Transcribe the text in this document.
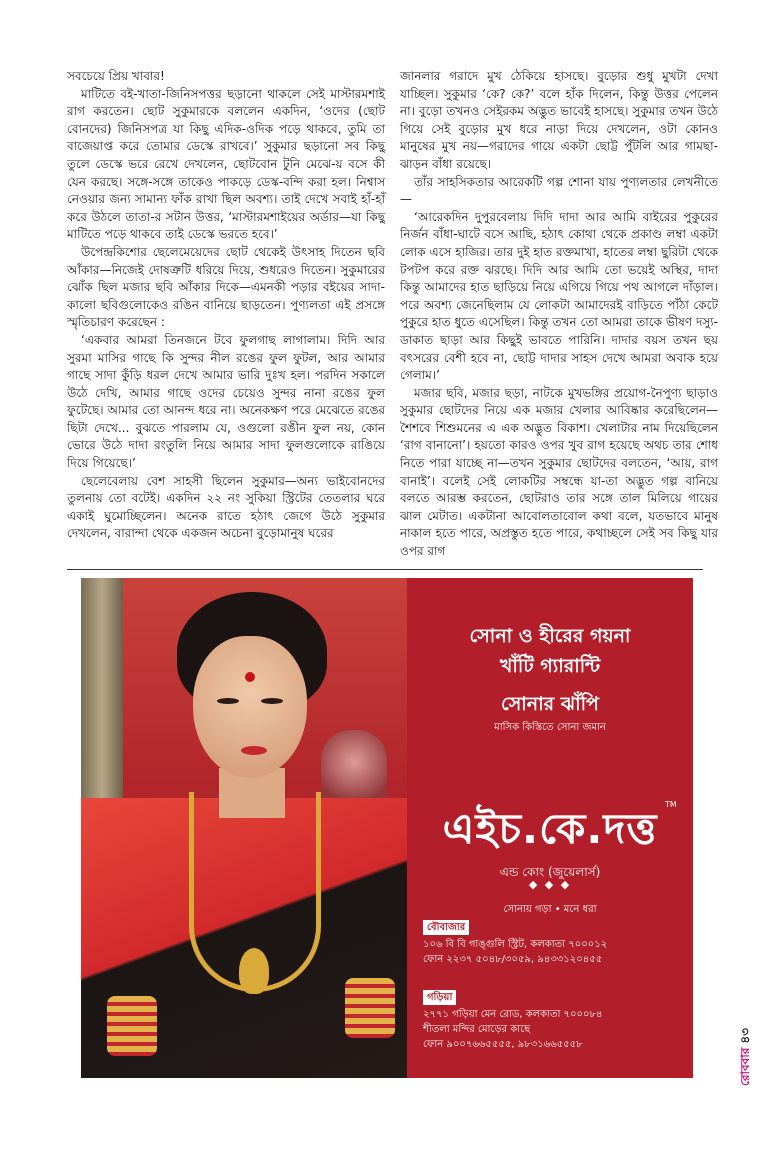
সবচেয়ে প্রিয় খাবার!

মাটিতে বই-খাতা-জিনিসপত্তর ছড়ানো থাকলে সেই মাস্টারমশাই রাগ করতেন। ছোট সুকুমারকে বললেন একদিন, ‘ওদের (ছোট বোনদের) জিনিসপত্র যা কিছু এদিক-ওদিক পড়ে থাকবে, তুমি তা বাজেয়াপ্ত করে তোমার ডেস্কে রাখবে।’ সুকুমার ছড়ানো সব কিছু তুলে ডেস্কে ভরে রেখে দেখলেন, ছোটবোন টুনি মেঝে-য় বসে কী যেন করছে। সঙ্গে-সঙ্গে তাকেও পাকড়ে ডেস্ক-বন্দি করা হল। নিশ্বাস নেওয়ার জন্য সামান্য ফাঁক রাখা ছিল অবশ্য। তাই দেখে সবাই হাঁ-হাঁ করে উঠলে তাতা-র সটান উত্তর, ‘মাস্টারমশাইয়ের অর্ডার—যা কিছু মাটিতে পড়ে থাকবে তাই ডেস্কে ভরতে হবে।’

উপেন্দ্রকিশোর ছেলেমেয়েদের ছোট থেকেই উৎসাহ দিতেন ছবি আঁকার—নিজেই দোষত্রুটি ধরিয়ে দিয়ে, শুধরেও দিতেন। সুকুমারের ঝোঁক ছিল মজার ছবি আঁকার দিকে—এমনকী পড়ার বইয়ের সাদা-কালো ছবিগুলোকেও রঙিন বানিয়ে ছাড়তেন। পুণ্যলতা এই প্রসঙ্গে স্মৃতিচারণ করেছেন :

‘একবার আমরা তিনজনে টবে ফুলগাছ লাগালাম। দিদি আর সুরমা মাসির গাছে কি সুন্দর নীল রঙের ফুল ফুটল, আর আমার গাছে সাদা কুঁড়ি ধরল দেখে আমার ভারি দুঃখ হল। পরদিন সকালে উঠে দেখি, আমার গাছে ওদের চেয়েও সুন্দর নানা রঙের ফুল ফুটেছে। আমার তো আনন্দ ধরে না। অনেকক্ষণ পরে মেঝেতে রঙের ছিটা দেখে... বুঝতে পারলাম যে, ওগুলো রঙীন ফুল নয়, কোন ভোরে উঠে দাদা রংতুলি নিয়ে আমার সাদা ফুলগুলোকে রাঙিয়ে দিয়ে গিয়েছে।’

ছেলেবেলায় বেশ সাহসী ছিলেন সুকুমার—অন্য ভাইবোনদের তুলনায় তো বটেই। একদিন ২২ নং সুকিয়া স্ট্রিটের তেতলার ঘরে একাই ঘুমোচ্ছিলেন। অনেক রাতে হঠাৎ জেগে উঠে সুকুমার দেখলেন, বারান্দা থেকে একজন অচেনা বুড়োমানুষ ঘরের

জানলার গরাদে মুখ ঠেকিয়ে হাসছে। বুড়োর শুধু মুখটা দেখা যাচ্ছিল। সুকুমার ‘কে? কে?’ বলে হাঁক দিলেন, কিন্তু উত্তর পেলেন না। বুড়ো তখনও সেইরকম অদ্ভুত ভাবেই হাসছে। সুকুমার তখন উঠে গিয়ে সেই বুড়োর মুখ ধরে নাড়া দিয়ে দেখলেন, ওটা কোনও মানুষের মুখ নয়—গরাদের গায়ে একটা ছোট্ট পুঁটলি আর গামছা-ঝাড়ন বাঁধা রয়েছে।

তাঁর সাহসিকতার আরেকটি গল্প শোনা যায় পুণ্যলতার লেখনীতে—

‘আরেকদিন দুপুরবেলায় দিদি দাদা আর আমি বাইরের পুকুরের নির্জন বাঁধা-ঘাটে বসে আছি, হঠাৎ কোথা থেকে প্রকাণ্ড লম্বা একটা লোক এসে হাজির। তার দুই হাত রক্তমাখা, হাতের লম্বা ছুরিটা থেকে টপটপ করে রক্ত ঝরছে। দিদি আর আমি তো ভয়েই অস্থির, দাদা কিন্তু আমাদের হাত ছাড়িয়ে নিয়ে এগিয়ে গিয়ে পথ আগলে দাঁড়াল। পরে অবশ্য জেনেছিলাম যে লোকটা আমাদেরই বাড়িতে পাঁঠা কেটে পুকুরে হাত ধুতে এসেছিল। কিন্তু তখন তো আমরা তাকে ভীষণ দস্যু-ডাকাত ছাড়া আর কিছুই ভাবতে পারিনি। দাদার বয়স তখন ছয় বৎসরের বেশী হবে না, ছোট্ট দাদার সাহস দেখে আমরা অবাক হয়ে গেলাম।’

মজার ছবি, মজার ছড়া, নাটকে মুখভঙ্গির প্রয়োগ-নৈপুণ্য ছাড়াও সুকুমার ছোটদের নিয়ে এক মজার খেলার আবিষ্কার করেছিলেন—শৈশবে শিশুমনের এ এক অদ্ভুত বিকাশ। খেলাটার নাম দিয়েছিলেন ‘রাগ বানানো’। হয়তো কারও ওপর খুব রাগ হয়েছে অথচ তার শোধ নিতে পারা যাচ্ছে না—তখন সুকুমার ছোটদের বলতেন, ‘আয়, রাগ বানাই’। বলেই সেই লোকটির সম্বন্ধে যা-তা অদ্ভুত গল্প বানিয়ে বলতে আরম্ভ করতেন, ছোটরাও তার সঙ্গে তাল মিলিয়ে গায়ের ঝাল মেটাত। একটানা আবোলতাবোল কথা বলে, যতভাবে মানুষ নাকাল হতে পারে, অপ্রস্তুত হতে পারে, কথাচ্ছলে সেই সব কিছু যার ওপর রাগ

সোনা ও হীরের গয়না
খাঁটি গ্যারান্টি
সোনার ঝাঁপি
মাসিক কিস্তিতে সোনা জমান
এইচ.কে.দত্ত TM
এন্ড কোং (জুয়েলার্স)
◆ ◆ ◆
সোনায় গড়া • মনে ধরা
বৌবাজার
১০৬ বি বি গাঙ্গুলি স্ট্রিট, কলকাতা ৭০০০১২
ফোন ২২৩৭ ৫০৪৮/৩০৫৯, ৯৪৩৩১২০৪৫৫
গড়িয়া
২৭৭১ গড়িয়া মেন রোড, কলকাতা ৭০০০৮৪
শীতলা মন্দির মোড়ের কাছে
ফোন ৯০০৭৬৬৫৫৫৫, ৯৮৩১৬৬৫৫৫৮
রোববার৪৩
